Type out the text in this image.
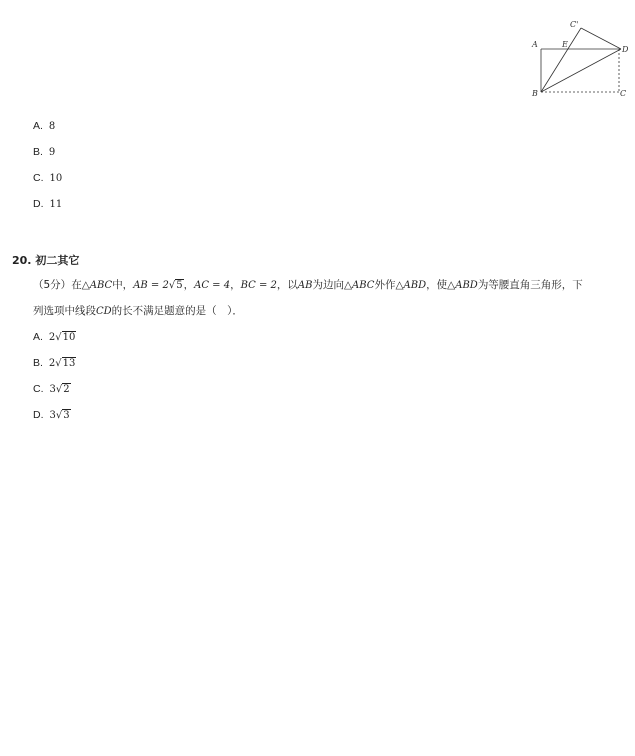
A	E
C'
D
B	C
A. 8
B. 9
C. 10
D. 11
20. 初二其它
（5分）在△ABC中，AB = 2√5，AC = 4，BC = 2，以AB为边向△ABC外作△ABD，使△ABD为等腰直角三角形，下
列选项中线段CD的长不满足题意的是（　）．
A. 2√10
B. 2√13
C. 3√2
D. 3√3
